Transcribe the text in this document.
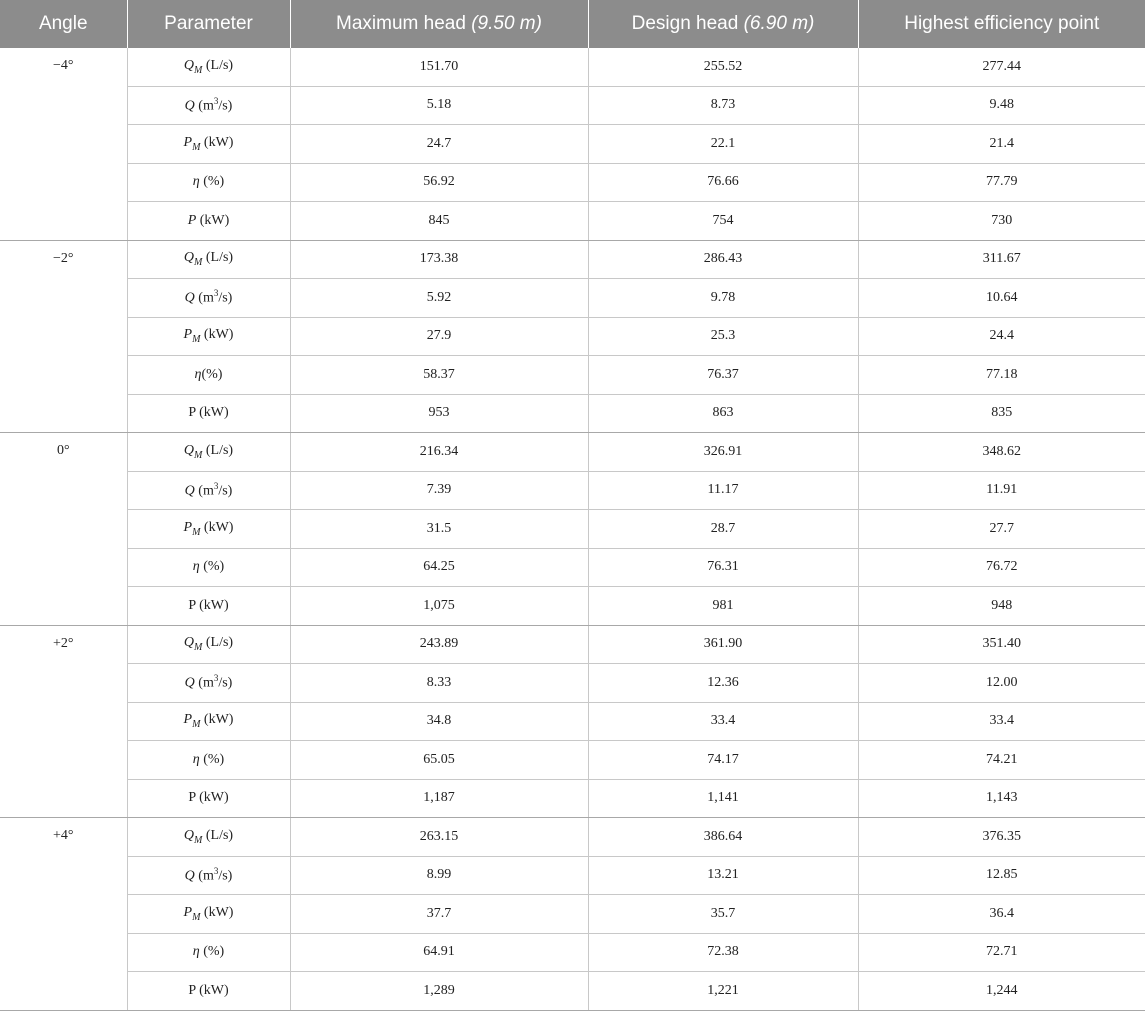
Angle	Parameter	Maximum head (9.50 m)	Design head (6.90 m)	Highest efficiency point
−4°	$Q_M$ (L/s)	151.70	255.52	277.44
	Q $(m^3/s)$	5.18	8.73	9.48
	$P_M$ (kW)	24.7	22.1	21.4
	η (%)	56.92	76.66	77.79
	P (kW)	845	754	730
−2°	$Q_M$ (L/s)	173.38	286.43	311.67
	Q $(m^3/s)$	5.92	9.78	10.64
	$P_M$ (kW)	27.9	25.3	24.4
	η(%)	58.37	76.37	77.18
	P (kW)	953	863	835
0°	$Q_M$ (L/s)	216.34	326.91	348.62
	Q $(m^3/s)$	7.39	11.17	11.91
	$P_M$ (kW)	31.5	28.7	27.7
	η (%)	64.25	76.31	76.72
	P (kW)	1,075	981	948
+2°	$Q_M$ (L/s)	243.89	361.90	351.40
	Q $(m^3/s)$	8.33	12.36	12.00
	$P_M$ (kW)	34.8	33.4	33.4
	η (%)	65.05	74.17	74.21
	P (kW)	1,187	1,141	1,143
+4°	$Q_M$ (L/s)	263.15	386.64	376.35
	Q $(m^3/s)$	8.99	13.21	12.85
	$P_M$ (kW)	37.7	35.7	36.4
	η (%)	64.91	72.38	72.71
	P (kW)	1,289	1,221	1,244
